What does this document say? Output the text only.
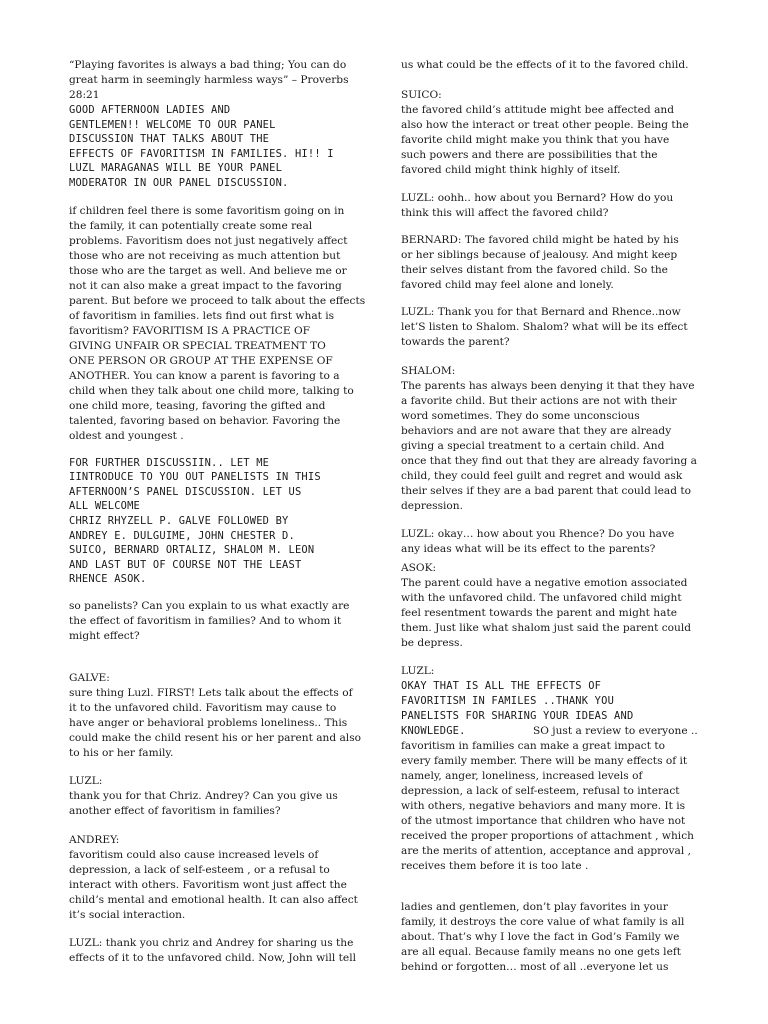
“Playing favorites is always a bad thing; You can do
great harm in seemingly harmless ways” – Proverbs
28:21

GOOD AFTERNOON LADIES AND
GENTLEMEN!! WELCOME TO OUR PANEL
DISCUSSION THAT TALKS ABOUT THE
EFFECTS OF FAVORITISM IN FAMILIES. HI!! I
LUZL MARAGANAS WILL BE YOUR PANEL
MODERATOR IN OUR PANEL DISCUSSION.

if children feel there is some favoritism going on in
the family, it can potentially create some real
problems. Favoritism does not just negatively affect
those who are not receiving as much attention but
those who are the target as well. And believe me or
not it can also make a great impact to the favoring
parent. But before we proceed to talk about the effects
of favoritism in families. lets find out first what is
favoritism? FAVORITISM IS A PRACTICE OF
GIVING UNFAIR OR SPECIAL TREATMENT TO
ONE PERSON OR GROUP AT THE EXPENSE OF
ANOTHER. You can know a parent is favoring to a
child when they talk about one child more, talking to
one child more, teasing, favoring the gifted and
talented, favoring based on behavior. Favoring the
oldest and youngest .

FOR FURTHER DISCUSSIIN.. LET ME
IINTRODUCE TO YOU OUT PANELISTS IN THIS
AFTERNOON’S PANEL DISCUSSION. LET US
ALL WELCOME
CHRIZ RHYZELL P. GALVE FOLLOWED BY
ANDREY E. DULGUIME, JOHN CHESTER D.
SUICO, BERNARD ORTALIZ, SHALOM M. LEON
AND LAST BUT OF COURSE NOT THE LEAST
RHENCE ASOK.

so panelists? Can you explain to us what exactly are
the effect of favoritism in families? And to whom it
might effect?

GALVE:

sure thing Luzl. FIRST! Lets talk about the effects of
it to the unfavored child. Favoritism may cause to
have anger or behavioral problems loneliness.. This
could make the child resent his or her parent and also
to his or her family.

LUZL:

thank you for that Chriz. Andrey? Can you give us
another effect of favoritism in families?

ANDREY:

favoritism could also cause increased levels of
depression, a lack of self-esteem , or a refusal to
interact with others. Favoritism wont just affect the
child’s mental and emotional health. It can also affect
it’s social interaction.

LUZL: thank you chriz and Andrey for sharing us the
effects of it to the unfavored child. Now, John will tell

us what could be the effects of it to the favored child.

SUICO:

the favored child’s attitude might bee affected and
also how the interact or treat other people. Being the
favorite child might make you think that you have
such powers and there are possibilities that the
favored child might think highly of itself.

LUZL: oohh.. how about you Bernard? How do you
think this will affect the favored child?

BERNARD: The favored child might be hated by his
or her siblings because of jealousy. And might keep
their selves distant from the favored child. So the
favored child may feel alone and lonely.

LUZL: Thank you for that Bernard and Rhence..now
let’S listen to Shalom. Shalom? what will be its effect
towards the parent?

SHALOM:

The parents has always been denying it that they have
a favorite child. But their actions are not with their
word sometimes. They do some unconscious
behaviors and are not aware that they are already
giving a special treatment to a certain child. And
once that they find out that they are already favoring a
child, they could feel guilt and regret and would ask
their selves if they are a bad parent that could lead to
depression.

LUZL: okay… how about you Rhence? Do you have
any ideas what will be its effect to the parents?

ASOK:

The parent could have a negative emotion associated
with the unfavored child. The unfavored child might
feel resentment towards the parent and might hate
them. Just like what shalom just said the parent could
be depress.

LUZL:

OKAY THAT IS ALL THE EFFECTS OF
FAVORITISM IN FAMILES ..THANK YOU
PANELISTS FOR SHARING YOUR IDEAS AND
KNOWLEDGE.	SO just a review to everyone ..
favoritism in families can make a great impact to
every family member. There will be many effects of it
namely, anger, loneliness, increased levels of
depression, a lack of self-esteem, refusal to interact
with others, negative behaviors and many more. It is
of the utmost importance that children who have not
received the proper proportions of attachment , which
are the merits of attention, acceptance and approval ,
receives them before it is too late .

ladies and gentlemen, don’t play favorites in your
family, it destroys the core value of what family is all
about. That’s why I love the fact in God’s Family we
are all equal. Because family means no one gets left
behind or forgotten… most of all ..everyone let us
